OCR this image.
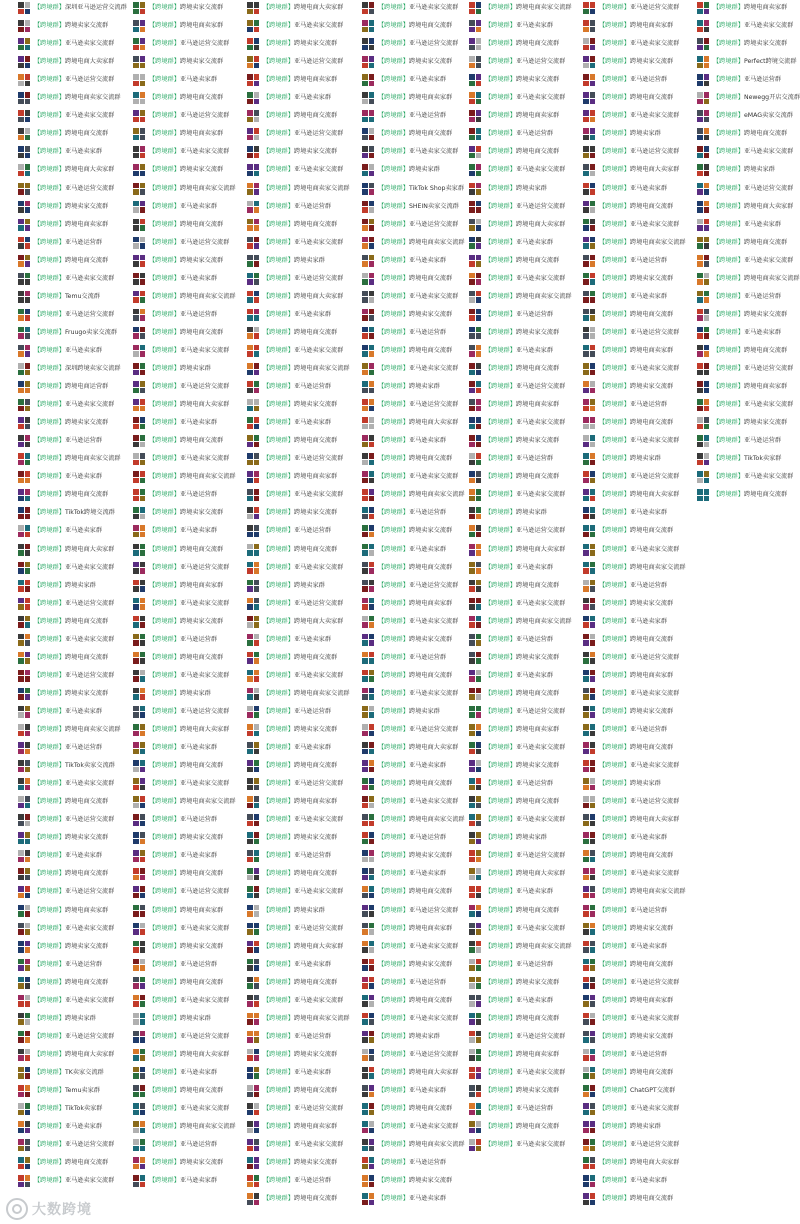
【跨境群】深圳亚马逊运营交流群
【跨境群】跨境卖家交流群
【跨境群】亚马逊卖家交流群
【跨境群】跨境电商大卖家群
【跨境群】亚马逊运营交流群
【跨境群】跨境电商卖家交流群
【跨境群】亚马逊卖家交流群
【跨境群】跨境电商交流群
【跨境群】亚马逊卖家群
【跨境群】跨境电商大卖家群
【跨境群】亚马逊运营交流群
【跨境群】跨境卖家交流群
【跨境群】跨境电商卖家群
【跨境群】亚马逊运营群
【跨境群】跨境电商交流群
【跨境群】亚马逊卖家交流群
【跨境群】Temu交流群
【跨境群】亚马逊运营交流群
【跨境群】Fruugo卖家交流群
【跨境群】亚马逊卖家群
【跨境群】深圳跨境卖家交流群
【跨境群】跨境电商运营群
【跨境群】亚马逊卖家交流群
【跨境群】跨境卖家交流群
【跨境群】亚马逊运营群
【跨境群】跨境电商卖家交流群
【跨境群】亚马逊卖家群
【跨境群】跨境电商交流群
【跨境群】TikTok跨境交流群
【跨境群】亚马逊卖家群
【跨境群】跨境电商大卖家群
【跨境群】亚马逊卖家交流群
【跨境群】跨境卖家群
【跨境群】亚马逊运营交流群
【跨境群】跨境电商交流群
【跨境群】亚马逊卖家交流群
【跨境群】跨境电商交流群
【跨境群】亚马逊运营交流群
【跨境群】跨境卖家交流群
【跨境群】亚马逊卖家群
【跨境群】跨境电商卖家交流群
【跨境群】亚马逊运营群
【跨境群】TikTok卖家交流群
【跨境群】亚马逊卖家交流群
【跨境群】跨境电商交流群
【跨境群】亚马逊运营交流群
【跨境群】跨境卖家交流群
【跨境群】亚马逊卖家群
【跨境群】跨境电商交流群
【跨境群】亚马逊运营交流群
【跨境群】跨境电商卖家群
【跨境群】亚马逊卖家交流群
【跨境群】跨境卖家交流群
【跨境群】亚马逊运营群
【跨境群】跨境电商交流群
【跨境群】亚马逊卖家交流群
【跨境群】跨境卖家群
【跨境群】亚马逊运营交流群
【跨境群】跨境电商大卖家群
【跨境群】TK卖家交流群
【跨境群】Temu卖家群
【跨境群】TikTok卖家群
【跨境群】亚马逊卖家群
【跨境群】亚马逊运营交流群
【跨境群】跨境电商交流群
【跨境群】亚马逊卖家交流群
【跨境群】跨境卖家交流群
【跨境群】跨境电商卖家群
【跨境群】亚马逊运营交流群
【跨境群】跨境卖家交流群
【跨境群】亚马逊卖家群
【跨境群】跨境电商交流群
【跨境群】亚马逊运营交流群
【跨境群】跨境电商卖家群
【跨境群】亚马逊卖家交流群
【跨境群】跨境卖家交流群
【跨境群】跨境电商卖家交流群
【跨境群】亚马逊卖家群
【跨境群】跨境电商交流群
【跨境群】亚马逊运营交流群
【跨境群】跨境卖家交流群
【跨境群】亚马逊卖家群
【跨境群】跨境电商卖家交流群
【跨境群】亚马逊运营群
【跨境群】跨境电商交流群
【跨境群】亚马逊卖家交流群
【跨境群】跨境卖家群
【跨境群】亚马逊运营交流群
【跨境群】跨境电商大卖家群
【跨境群】亚马逊卖家群
【跨境群】跨境电商交流群
【跨境群】亚马逊卖家交流群
【跨境群】跨境电商卖家交流群
【跨境群】亚马逊运营群
【跨境群】跨境卖家交流群
【跨境群】亚马逊卖家群
【跨境群】跨境电商交流群
【跨境群】亚马逊运营交流群
【跨境群】跨境电商卖家群
【跨境群】亚马逊卖家交流群
【跨境群】跨境卖家交流群
【跨境群】亚马逊运营群
【跨境群】跨境电商交流群
【跨境群】亚马逊卖家交流群
【跨境群】跨境卖家群
【跨境群】亚马逊运营交流群
【跨境群】跨境电商大卖家群
【跨境群】亚马逊卖家群
【跨境群】跨境电商交流群
【跨境群】亚马逊卖家交流群
【跨境群】跨境电商卖家交流群
【跨境群】亚马逊运营群
【跨境群】跨境卖家交流群
【跨境群】亚马逊卖家群
【跨境群】跨境电商交流群
【跨境群】亚马逊运营交流群
【跨境群】跨境电商卖家群
【跨境群】亚马逊卖家交流群
【跨境群】跨境卖家交流群
【跨境群】亚马逊运营群
【跨境群】跨境电商交流群
【跨境群】亚马逊卖家交流群
【跨境群】跨境卖家群
【跨境群】亚马逊运营交流群
【跨境群】跨境电商大卖家群
【跨境群】亚马逊卖家群
【跨境群】跨境电商交流群
【跨境群】亚马逊卖家交流群
【跨境群】跨境电商卖家交流群
【跨境群】亚马逊运营群
【跨境群】跨境卖家交流群
【跨境群】亚马逊卖家群
【跨境群】跨境电商大卖家群
【跨境群】亚马逊卖家交流群
【跨境群】跨境卖家交流群
【跨境群】亚马逊运营交流群
【跨境群】跨境电商卖家群
【跨境群】亚马逊卖家群
【跨境群】跨境电商交流群
【跨境群】亚马逊运营交流群
【跨境群】跨境卖家交流群
【跨境群】亚马逊卖家交流群
【跨境群】跨境电商卖家交流群
【跨境群】亚马逊运营群
【跨境群】跨境电商交流群
【跨境群】亚马逊卖家交流群
【跨境群】跨境卖家群
【跨境群】亚马逊运营交流群
【跨境群】跨境电商大卖家群
【跨境群】亚马逊卖家群
【跨境群】跨境电商交流群
【跨境群】亚马逊卖家交流群
【跨境群】跨境电商卖家交流群
【跨境群】亚马逊运营群
【跨境群】跨境卖家交流群
【跨境群】亚马逊卖家群
【跨境群】跨境电商交流群
【跨境群】亚马逊运营交流群
【跨境群】跨境电商卖家群
【跨境群】亚马逊卖家交流群
【跨境群】跨境卖家交流群
【跨境群】亚马逊运营群
【跨境群】跨境电商交流群
【跨境群】亚马逊卖家交流群
【跨境群】跨境卖家群
【跨境群】亚马逊运营交流群
【跨境群】跨境电商大卖家群
【跨境群】亚马逊卖家群
【跨境群】跨境电商交流群
【跨境群】亚马逊卖家交流群
【跨境群】跨境电商卖家交流群
【跨境群】亚马逊运营群
【跨境群】跨境卖家交流群
【跨境群】亚马逊卖家群
【跨境群】跨境电商交流群
【跨境群】亚马逊运营交流群
【跨境群】跨境电商卖家群
【跨境群】亚马逊卖家交流群
【跨境群】跨境卖家交流群
【跨境群】亚马逊运营群
【跨境群】跨境电商交流群
【跨境群】亚马逊卖家交流群
【跨境群】跨境卖家群
【跨境群】亚马逊运营交流群
【跨境群】跨境电商大卖家群
【跨境群】亚马逊卖家群
【跨境群】跨境电商交流群
【跨境群】亚马逊卖家交流群
【跨境群】跨境电商卖家交流群
【跨境群】亚马逊运营群
【跨境群】跨境卖家交流群
【跨境群】亚马逊卖家群
【跨境群】跨境电商交流群
【跨境群】亚马逊运营交流群
【跨境群】跨境电商卖家群
【跨境群】亚马逊卖家交流群
【跨境群】跨境卖家交流群
【跨境群】亚马逊运营群
【跨境群】跨境电商交流群
【跨境群】亚马逊卖家交流群
【跨境群】跨境电商交流群
【跨境群】亚马逊运营交流群
【跨境群】跨境卖家交流群
【跨境群】亚马逊卖家群
【跨境群】跨境电商卖家群
【跨境群】亚马逊运营群
【跨境群】跨境电商交流群
【跨境群】亚马逊卖家交流群
【跨境群】跨境卖家群
【跨境群】TikTok Shop卖家群
【跨境群】SHEIN卖家交流群
【跨境群】亚马逊运营交流群
【跨境群】跨境电商卖家交流群
【跨境群】亚马逊卖家群
【跨境群】跨境电商交流群
【跨境群】亚马逊卖家交流群
【跨境群】跨境卖家交流群
【跨境群】亚马逊运营群
【跨境群】跨境电商交流群
【跨境群】亚马逊卖家交流群
【跨境群】跨境卖家群
【跨境群】亚马逊运营交流群
【跨境群】跨境电商大卖家群
【跨境群】亚马逊卖家群
【跨境群】跨境电商交流群
【跨境群】亚马逊卖家交流群
【跨境群】跨境电商卖家交流群
【跨境群】亚马逊运营群
【跨境群】跨境卖家交流群
【跨境群】亚马逊卖家群
【跨境群】跨境电商交流群
【跨境群】亚马逊运营交流群
【跨境群】跨境电商卖家群
【跨境群】亚马逊卖家交流群
【跨境群】跨境卖家交流群
【跨境群】亚马逊运营群
【跨境群】跨境电商交流群
【跨境群】亚马逊卖家交流群
【跨境群】跨境卖家群
【跨境群】亚马逊运营交流群
【跨境群】跨境电商大卖家群
【跨境群】亚马逊卖家群
【跨境群】跨境电商交流群
【跨境群】亚马逊卖家交流群
【跨境群】跨境电商卖家交流群
【跨境群】亚马逊运营群
【跨境群】跨境卖家交流群
【跨境群】亚马逊卖家群
【跨境群】跨境电商交流群
【跨境群】亚马逊运营交流群
【跨境群】跨境电商卖家群
【跨境群】亚马逊卖家交流群
【跨境群】跨境卖家交流群
【跨境群】亚马逊运营群
【跨境群】跨境电商交流群
【跨境群】亚马逊卖家交流群
【跨境群】跨境卖家群
【跨境群】亚马逊运营交流群
【跨境群】跨境电商大卖家群
【跨境群】亚马逊卖家群
【跨境群】跨境电商交流群
【跨境群】亚马逊卖家交流群
【跨境群】跨境电商卖家交流群
【跨境群】亚马逊运营群
【跨境群】跨境卖家交流群
【跨境群】亚马逊卖家群
【跨境群】跨境电商卖家交流群
【跨境群】亚马逊卖家群
【跨境群】跨境电商交流群
【跨境群】亚马逊运营交流群
【跨境群】跨境卖家交流群
【跨境群】亚马逊卖家交流群
【跨境群】跨境电商卖家群
【跨境群】亚马逊运营群
【跨境群】跨境电商交流群
【跨境群】亚马逊卖家交流群
【跨境群】跨境卖家群
【跨境群】亚马逊运营交流群
【跨境群】跨境电商大卖家群
【跨境群】亚马逊卖家群
【跨境群】跨境电商交流群
【跨境群】亚马逊卖家交流群
【跨境群】跨境电商卖家交流群
【跨境群】亚马逊运营群
【跨境群】跨境卖家交流群
【跨境群】亚马逊卖家群
【跨境群】跨境电商交流群
【跨境群】亚马逊运营交流群
【跨境群】跨境电商卖家群
【跨境群】亚马逊卖家交流群
【跨境群】跨境卖家交流群
【跨境群】亚马逊运营群
【跨境群】跨境电商交流群
【跨境群】亚马逊卖家交流群
【跨境群】跨境卖家群
【跨境群】亚马逊运营交流群
【跨境群】跨境电商大卖家群
【跨境群】亚马逊卖家群
【跨境群】跨境电商交流群
【跨境群】亚马逊卖家交流群
【跨境群】跨境电商卖家交流群
【跨境群】亚马逊运营群
【跨境群】跨境卖家交流群
【跨境群】亚马逊卖家群
【跨境群】跨境电商交流群
【跨境群】亚马逊运营交流群
【跨境群】跨境电商卖家群
【跨境群】亚马逊卖家交流群
【跨境群】跨境卖家交流群
【跨境群】亚马逊运营群
【跨境群】跨境电商交流群
【跨境群】亚马逊卖家交流群
【跨境群】跨境卖家群
【跨境群】亚马逊运营交流群
【跨境群】跨境电商大卖家群
【跨境群】亚马逊卖家群
【跨境群】跨境电商交流群
【跨境群】亚马逊卖家交流群
【跨境群】跨境电商卖家交流群
【跨境群】亚马逊运营群
【跨境群】跨境卖家交流群
【跨境群】亚马逊卖家群
【跨境群】跨境电商交流群
【跨境群】亚马逊运营交流群
【跨境群】跨境电商卖家群
【跨境群】亚马逊卖家交流群
【跨境群】跨境卖家交流群
【跨境群】亚马逊运营群
【跨境群】跨境电商交流群
【跨境群】亚马逊卖家交流群
【跨境群】亚马逊运营交流群
【跨境群】跨境电商卖家群
【跨境群】亚马逊卖家交流群
【跨境群】跨境卖家交流群
【跨境群】亚马逊运营群
【跨境群】跨境电商交流群
【跨境群】亚马逊卖家交流群
【跨境群】跨境卖家群
【跨境群】亚马逊运营交流群
【跨境群】跨境电商大卖家群
【跨境群】亚马逊卖家群
【跨境群】跨境电商交流群
【跨境群】亚马逊卖家交流群
【跨境群】跨境电商卖家交流群
【跨境群】亚马逊运营群
【跨境群】跨境卖家交流群
【跨境群】亚马逊卖家群
【跨境群】跨境电商交流群
【跨境群】亚马逊运营交流群
【跨境群】跨境电商卖家群
【跨境群】亚马逊卖家交流群
【跨境群】跨境卖家交流群
【跨境群】亚马逊运营群
【跨境群】跨境电商交流群
【跨境群】亚马逊卖家交流群
【跨境群】跨境卖家群
【跨境群】亚马逊运营交流群
【跨境群】跨境电商大卖家群
【跨境群】亚马逊卖家群
【跨境群】跨境电商交流群
【跨境群】亚马逊卖家交流群
【跨境群】跨境电商卖家交流群
【跨境群】亚马逊运营群
【跨境群】跨境卖家交流群
【跨境群】亚马逊卖家群
【跨境群】跨境电商交流群
【跨境群】亚马逊运营交流群
【跨境群】跨境电商卖家群
【跨境群】亚马逊卖家交流群
【跨境群】跨境卖家交流群
【跨境群】亚马逊运营群
【跨境群】跨境电商交流群
【跨境群】亚马逊卖家交流群
【跨境群】跨境卖家群
【跨境群】亚马逊运营交流群
【跨境群】跨境电商大卖家群
【跨境群】亚马逊卖家群
【跨境群】跨境电商交流群
【跨境群】亚马逊卖家交流群
【跨境群】跨境电商卖家交流群
【跨境群】亚马逊运营群
【跨境群】跨境卖家交流群
【跨境群】亚马逊卖家群
【跨境群】跨境电商交流群
【跨境群】亚马逊运营交流群
【跨境群】跨境电商卖家群
【跨境群】亚马逊卖家交流群
【跨境群】跨境卖家交流群
【跨境群】亚马逊运营群
【跨境群】跨境电商交流群
【跨境群】ChatGPT交流群
【跨境群】亚马逊卖家交流群
【跨境群】跨境卖家群
【跨境群】亚马逊运营交流群
【跨境群】跨境电商大卖家群
【跨境群】亚马逊卖家群
【跨境群】跨境电商交流群
【跨境群】跨境电商卖家群
【跨境群】亚马逊卖家交流群
【跨境群】跨境卖家交流群
【跨境群】Perfect跨境交流群
【跨境群】亚马逊运营群
【跨境群】Newegg开店交流群
【跨境群】eMAG卖家交流群
【跨境群】跨境电商交流群
【跨境群】亚马逊卖家交流群
【跨境群】跨境卖家群
【跨境群】亚马逊运营交流群
【跨境群】跨境电商大卖家群
【跨境群】亚马逊卖家群
【跨境群】跨境电商交流群
【跨境群】亚马逊卖家交流群
【跨境群】跨境电商卖家交流群
【跨境群】亚马逊运营群
【跨境群】跨境卖家交流群
【跨境群】亚马逊卖家群
【跨境群】跨境电商交流群
【跨境群】亚马逊运营交流群
【跨境群】跨境电商卖家群
【跨境群】亚马逊卖家交流群
【跨境群】跨境卖家交流群
【跨境群】亚马逊运营群
【跨境群】TikTok卖家群
【跨境群】亚马逊卖家交流群
【跨境群】跨境电商交流群
大数跨境
